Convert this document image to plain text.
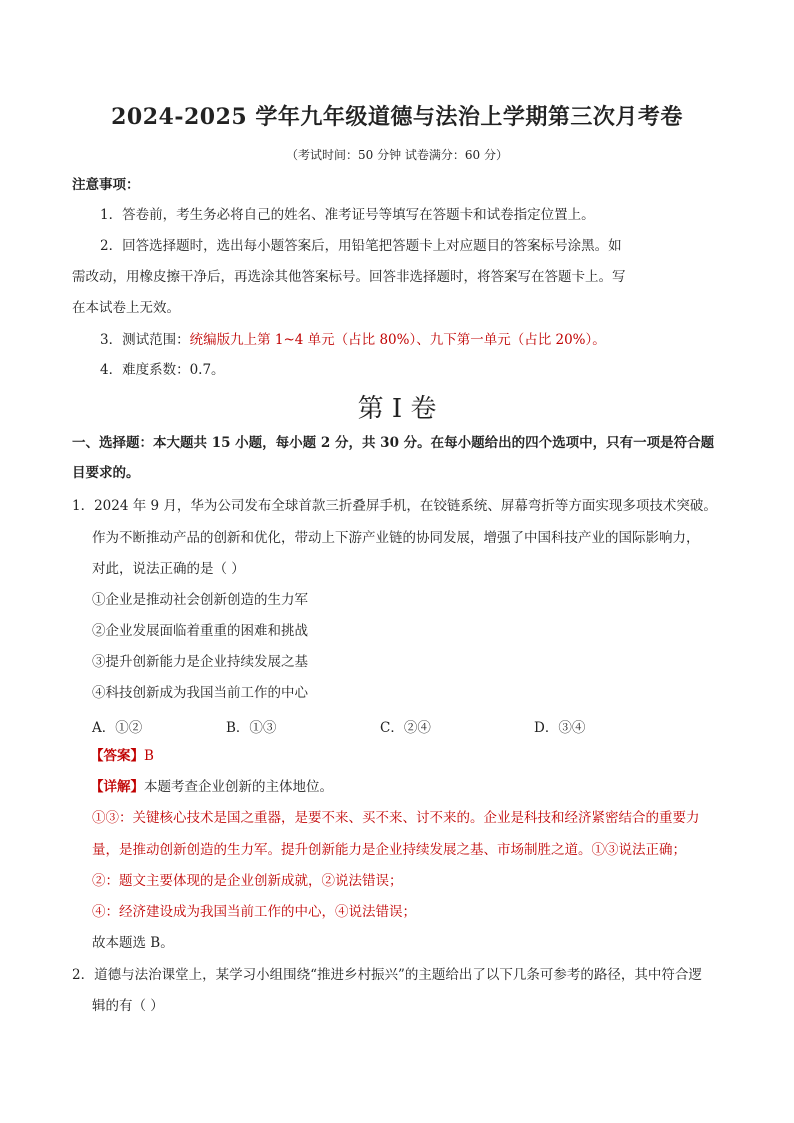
2024-2025 学年九年级道德与法治上学期第三次月考卷
（考试时间：50 分钟 试卷满分：60 分）
注意事项：
1．答卷前，考生务必将自己的姓名、准考证号等填写在答题卡和试卷指定位置上。
2．回答选择题时，选出每小题答案后，用铅笔把答题卡上对应题目的答案标号涂黑。如
需改动，用橡皮擦干净后，再选涂其他答案标号。回答非选择题时，将答案写在答题卡上。写
在本试卷上无效。
3．测试范围：统编版九上第 1~4 单元（占比 80%）、九下第一单元（占比 20%）。
4．难度系数：0.7。
第 I 卷
一、选择题：本大题共 15 小题，每小题 2 分，共 30 分。在每小题给出的四个选项中，只有一项是符合题
目要求的。
1．2024 年 9 月，华为公司发布全球首款三折叠屏手机，在铰链系统、屏幕弯折等方面实现多项技术突破。
作为不断推动产品的创新和优化，带动上下游产业链的协同发展，增强了中国科技产业的国际影响力，
对此，说法正确的是（ ）
①企业是推动社会创新创造的生力军
②企业发展面临着重重的困难和挑战
③提升创新能力是企业持续发展之基
④科技创新成为我国当前工作的中心
A．①②	B．①③	C．②④	D．③④
【答案】B
【详解】本题考查企业创新的主体地位。
①③：关键核心技术是国之重器，是要不来、买不来、讨不来的。企业是科技和经济紧密结合的重要力
量，是推动创新创造的生力军。提升创新能力是企业持续发展之基、市场制胜之道。①③说法正确；
②：题文主要体现的是企业创新成就，②说法错误；
④：经济建设成为我国当前工作的中心，④说法错误；
故本题选 B。
2．道德与法治课堂上，某学习小组围绕“推进乡村振兴”的主题给出了以下几条可参考的路径，其中符合逻
辑的有（ ）
